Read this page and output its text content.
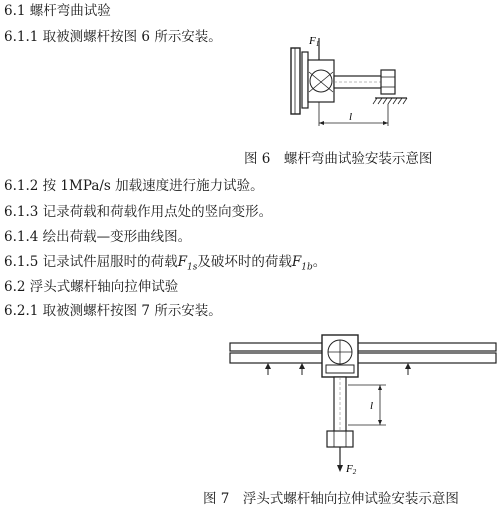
6.1 螺杆弯曲试验
6.1.1 取被测螺杆按图 6 所示安装。	F1
l
图 6　螺杆弯曲试验安装示意图
6.1.2 按 1MPa/s 加载速度进行施力试验。
6.1.3 记录荷载和荷载作用点处的竖向变形。
6.1.4 绘出荷载—变形曲线图。
6.1.5 记录试件屈服时的荷载$F_{1s}$及破坏时的荷载$F_{1b}$。
6.2 浮头式螺杆轴向拉伸试验
6.2.1 取被测螺杆按图 7 所示安装。
l
F2
图 7　浮头式螺杆轴向拉伸试验安装示意图
